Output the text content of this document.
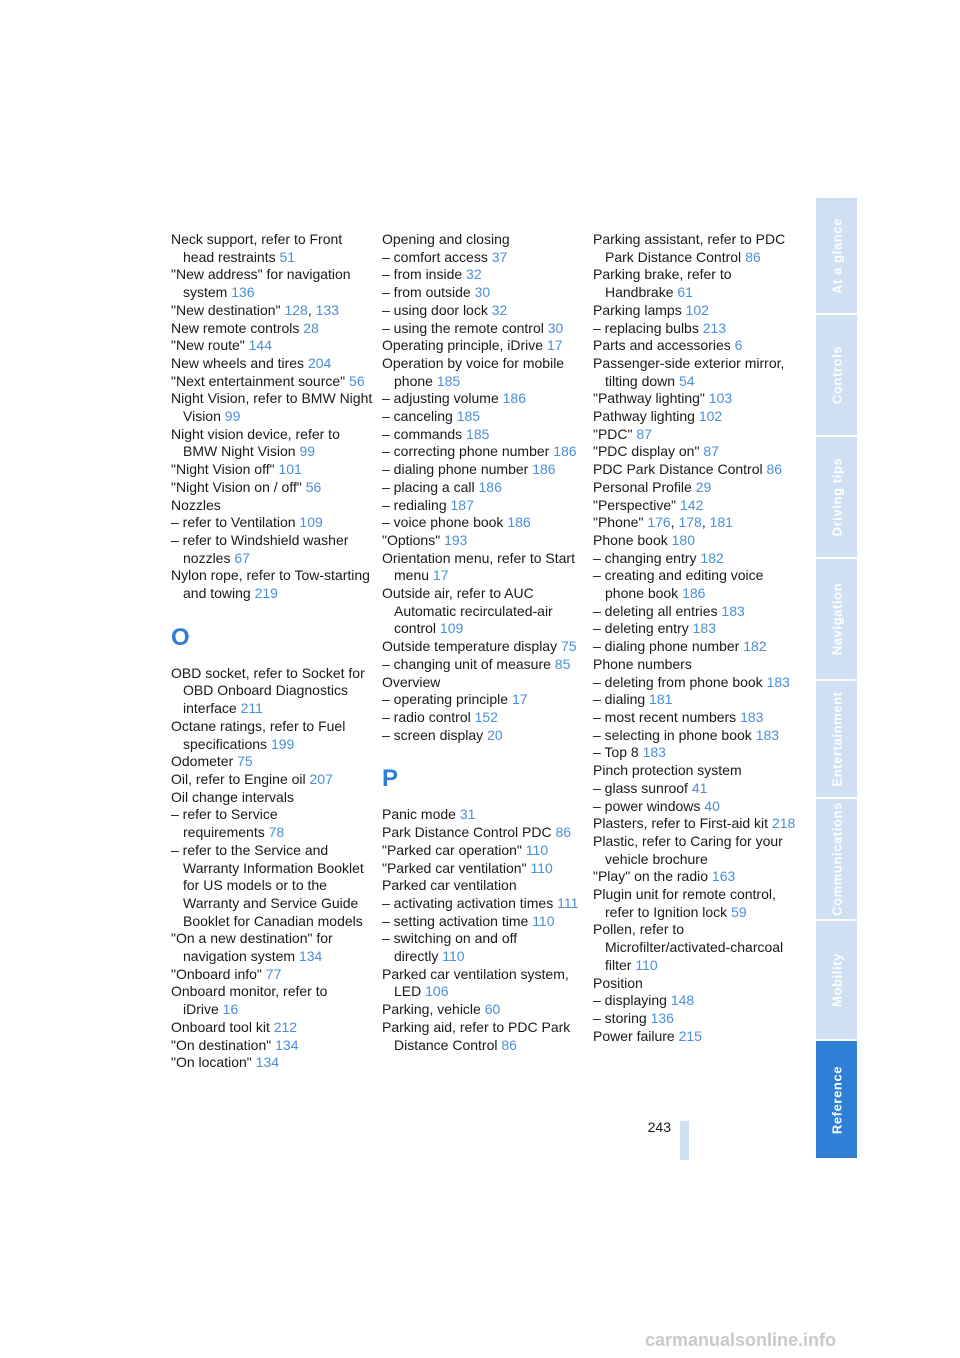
Neck support, refer to Front head restraints 51
"New address" for navigation system 136
"New destination" 128, 133
New remote controls 28
"New route" 144
New wheels and tires 204
"Next entertainment source" 56
Night Vision, refer to BMW Night Vision 99
Night vision device, refer to BMW Night Vision 99
"Night Vision off" 101
"Night Vision on / off" 56
Nozzles
– refer to Ventilation 109
– refer to Windshield washer nozzles 67
Nylon rope, refer to Tow-starting and towing 219
O
OBD socket, refer to Socket for OBD Onboard Diagnostics interface 211
Octane ratings, refer to Fuel specifications 199
Odometer 75
Oil, refer to Engine oil 207
Oil change intervals
– refer to Service requirements 78
– refer to the Service and Warranty Information Booklet for US models or to the Warranty and Service Guide Booklet for Canadian models
"On a new destination" for navigation system 134
"Onboard info" 77
Onboard monitor, refer to iDrive 16
Onboard tool kit 212
"On destination" 134
"On location" 134
Opening and closing
– comfort access 37
– from inside 32
– from outside 30
– using door lock 32
– using the remote control 30
Operating principle, iDrive 17
Operation by voice for mobile phone 185
– adjusting volume 186
– canceling 185
– commands 185
– correcting phone number 186
– dialing phone number 186
– placing a call 186
– redialing 187
– voice phone book 186
"Options" 193
Orientation menu, refer to Start menu 17
Outside air, refer to AUC Automatic recirculated-air control 109
Outside temperature display 75
– changing unit of measure 85
Overview
– operating principle 17
– radio control 152
– screen display 20
P
Panic mode 31
Park Distance Control PDC 86
"Parked car operation" 110
"Parked car ventilation" 110
Parked car ventilation
– activating activation times 111
– setting activation time 110
– switching on and off directly 110
Parked car ventilation system, LED 106
Parking, vehicle 60
Parking aid, refer to PDC Park Distance Control 86
Parking assistant, refer to PDC Park Distance Control 86
Parking brake, refer to Handbrake 61
Parking lamps 102
– replacing bulbs 213
Parts and accessories 6
Passenger-side exterior mirror, tilting down 54
"Pathway lighting" 103
Pathway lighting 102
"PDC" 87
"PDC display on" 87
PDC Park Distance Control 86
Personal Profile 29
"Perspective" 142
"Phone" 176, 178, 181
Phone book 180
– changing entry 182
– creating and editing voice phone book 186
– deleting all entries 183
– deleting entry 183
– dialing phone number 182
Phone numbers
– deleting from phone book 183
– dialing 181
– most recent numbers 183
– selecting in phone book 183
– Top 8 183
Pinch protection system
– glass sunroof 41
– power windows 40
Plasters, refer to First-aid kit 218
Plastic, refer to Caring for your vehicle brochure
"Play" on the radio 163
Plugin unit for remote control, refer to Ignition lock 59
Pollen, refer to Microfilter/activated-charcoal filter 110
Position
– displaying 148
– storing 136
Power failure 215
At a glance
Controls
Driving tips
Navigation
Entertainment
Communications
Mobility
Reference
243
carmanualsonline.info
